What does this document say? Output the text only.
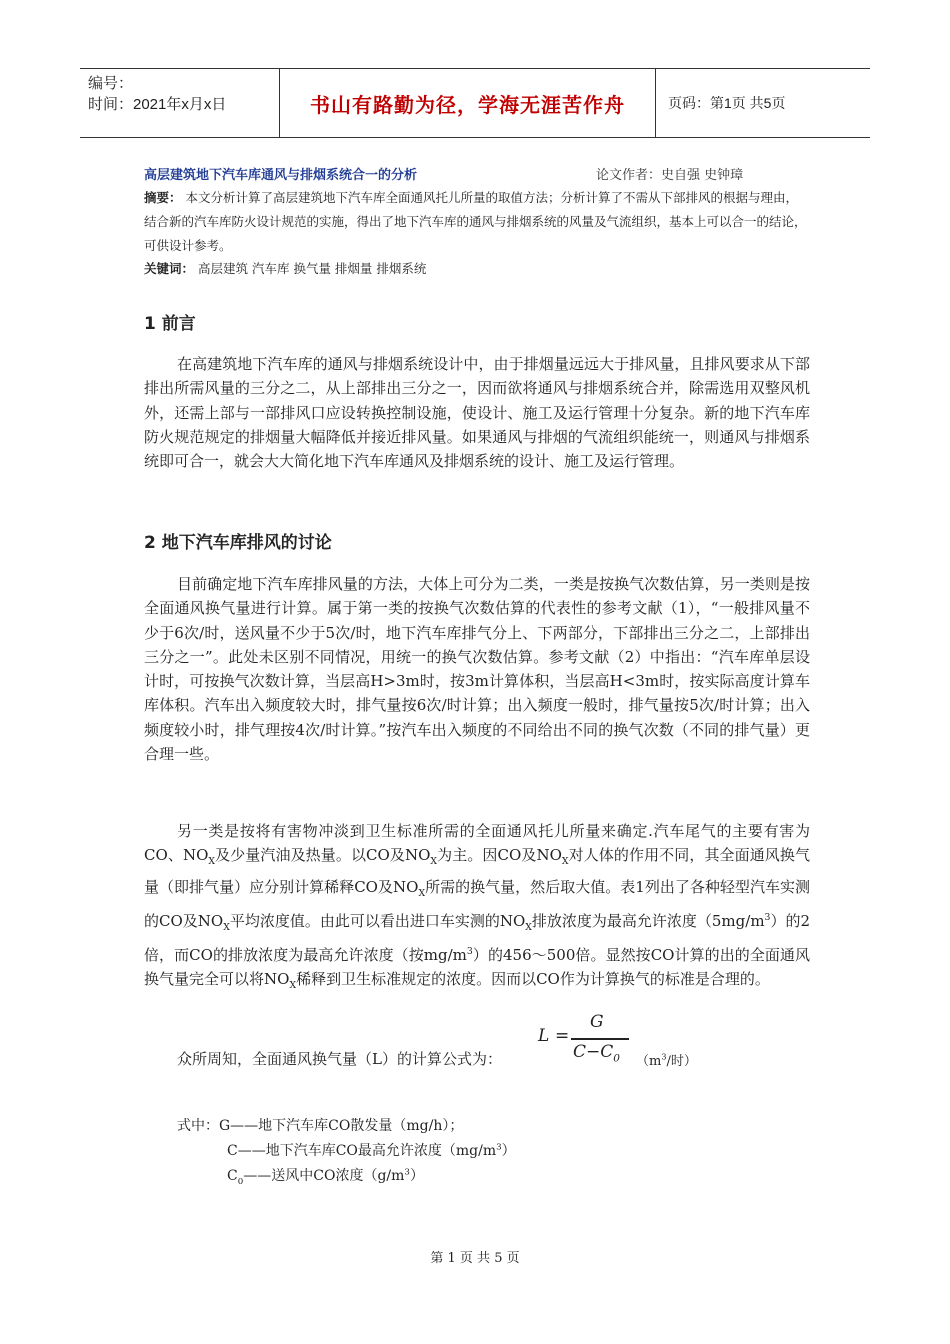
编号：
时间：2021年x月x日	书山有路勤为径，学海无涯苦作舟	页码：第1页 共5页
高层建筑地下汽车库通风与排烟系统合一的分析	论文作者：史自强 史钟璋
摘要： 本文分析计算了高层建筑地下汽车库全面通风托儿所量的取值方法；分析计算了不需从下部排风的根据与理由，结合新的汽车库防火设计规范的实施，得出了地下汽车库的通风与排烟系统的风量及气流组织，基本上可以合一的结论，可供设计参考。
关键词： 高层建筑 汽车库 换气量 排烟量 排烟系统
1 前言
在高建筑地下汽车库的通风与排烟系统设计中，由于排烟量远远大于排风量，且排风要求从下部排出所需风量的三分之二，从上部排出三分之一，因而欲将通风与排烟系统合并，除需选用双整风机外，还需上部与一部排风口应设转换控制设施，使设计、施工及运行管理十分复杂。新的地下汽车库防火规范规定的排烟量大幅降低并接近排风量。如果通风与排烟的气流组织能统一，则通风与排烟系统即可合一，就会大大简化地下汽车库通风及排烟系统的设计、施工及运行管理。
2 地下汽车库排风的讨论
目前确定地下汽车库排风量的方法，大体上可分为二类，一类是按换气次数估算，另一类则是按全面通风换气量进行计算。属于第一类的按换气次数估算的代表性的参考文献（1），“一般排风量不少于6次/时，送风量不少于5次/时，地下汽车库排气分上、下两部分，下部排出三分之二，上部排出三分之一”。此处未区别不同情况，用统一的换气次数估算。参考文献（2）中指出：“汽车库单层设计时，可按换气次数计算，当层高H>3m时，按3m计算体积，当层高H<3m时，按实际高度计算车库体积。汽车出入频度较大时，排气量按6次/时计算；出入频度一般时，排气量按5次/时计算；出入频度较小时，排气理按4次/时计算。”按汽车出入频度的不同给出不同的换气次数（不同的排气量）更合理一些。
另一类是按将有害物冲淡到卫生标准所需的全面通风托儿所量来确定.汽车尾气的主要有害为CO、$NO_X$及少量汽油及热量。以CO及$NO_X$为主。因CO及$NO_X$对人体的作用不同，其全面通风换气量（即排气量）应分别计算稀释CO及$NO_X$所需的换气量，然后取大值。表1列出了各种轻型汽车实测的CO及$NO_X$平均浓度值。由此可以看出进口车实测的$NO_X$排放浓度为最高允许浓度$(5mg/m^3)$的2倍，而CO的排放浓度为最高允许浓度（按$mg/m^3$）的456～500倍。显然按CO计算的出的全面通风换气量完全可以将$NO_X$稀释到卫生标准规定的浓度。因而以CO作为计算换气的标准是合理的。
众所周知，全面通风换气量（L）的计算公式为：
L =
G
$C-C_0$ （$m^3/$时）
式中：G——地下汽车库CO散发量（mg/h）；
C——地下汽车库CO最高允许浓度$(mg/m^3)$
$C_0——$送风中CO浓度$(g/m^3)$
第 1 页 共 5 页
